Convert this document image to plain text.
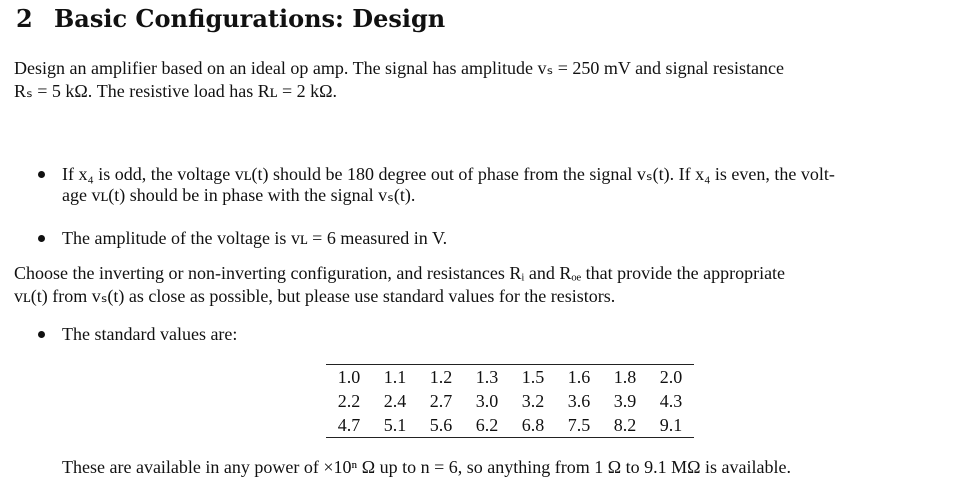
2 Basic Configurations: Design
Design an amplifier based on an ideal op amp. The signal has amplitude vₛ = 250 mV and signal resistance
Rₛ = 5 kΩ. The resistive load has Rʟ = 2 kΩ.
If x₄ is odd, the voltage vʟ(t) should be 180 degree out of phase from the signal vₛ(t). If x₄ is even, the volt-
age vʟ(t) should be in phase with the signal vₛ(t).
The amplitude of the voltage is vʟ = 6 measured in V.
Choose the inverting or non-inverting configuration, and resistances Rᵢ and Rₒₑ that provide the appropriate
vʟ(t) from vₛ(t) as close as possible, but please use standard values for the resistors.
The standard values are:
1.0	1.1	1.2	1.3	1.5	1.6	1.8	2.0
2.2	2.4	2.7	3.0	3.2	3.6	3.9	4.3
4.7	5.1	5.6	6.2	6.8	7.5	8.2	9.1
These are available in any power of ×10ⁿ Ω up to n = 6, so anything from 1 Ω to 9.1 MΩ is available.
